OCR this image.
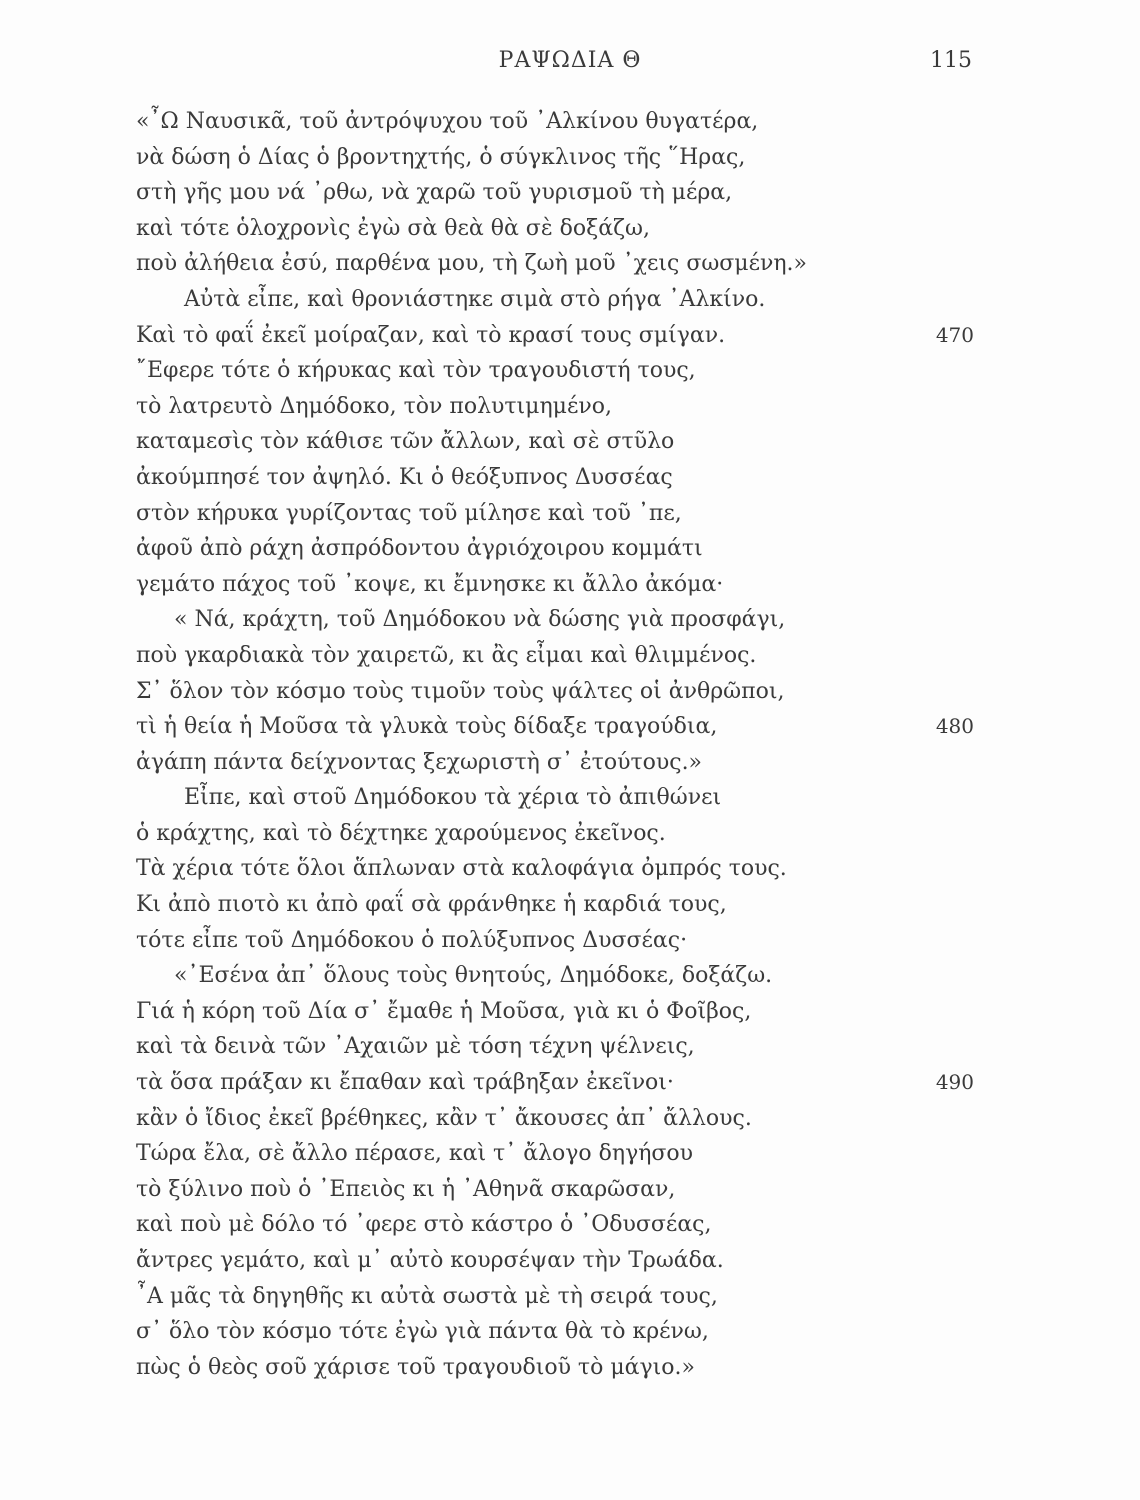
ΡΑΨΩΔΙΑ Θ	115
«῏Ω Ναυσικᾶ, τοῦ ἀντρόψυχου τοῦ ᾿Αλκίνου θυγατέρα,
νὰ δώση ὁ Δίας ὁ βροντηχτής, ὁ σύγκλινος τῆς ῞Ηρας,
στὴ γῆς μου νά ᾿ρθω, νὰ χαρῶ τοῦ γυρισμοῦ τὴ μέρα,
καὶ τότε ὁλοχρονὶς ἐγὼ σὰ θεὰ θὰ σὲ δοξάζω,
ποὺ ἀλήθεια ἐσύ, παρθένα μου, τὴ ζωὴ μοῦ ᾿χεις σωσμένη.»
Αὐτὰ εἶπε, καὶ θρονιάστηκε σιμὰ στὸ ρήγα ᾿Αλκίνο.
Καὶ τὸ φαΐ ἐκεῖ μοίραζαν, καὶ τὸ κρασί τους σμίγαν.	470
῎Εφερε τότε ὁ κήρυκας καὶ τὸν τραγουδιστή τους,
τὸ λατρευτὸ Δημόδοκο, τὸν πολυτιμημένο,
καταμεσὶς τὸν κάθισε τῶν ἄλλων, καὶ σὲ στῦλο
ἀκούμπησέ τον ἀψηλό. Κι ὁ θεόξυπνος Δυσσέας
στὸν κήρυκα γυρίζοντας τοῦ μίλησε καὶ τοῦ ᾿πε,
ἀφοῦ ἀπὸ ράχη ἀσπρόδοντου ἀγριόχοιρου κομμάτι
γεμάτο πάχος τοῦ ᾿κοψε, κι ἔμνησκε κι ἄλλο ἀκόμα·
« Νά, κράχτη, τοῦ Δημόδοκου νὰ δώσης γιὰ προσφάγι,
ποὺ γκαρδιακὰ τὸν χαιρετῶ, κι ἂς εἶμαι καὶ θλιμμένος.
Σ᾿ ὅλον τὸν κόσμο τοὺς τιμοῦν τοὺς ψάλτες οἱ ἀνθρῶποι,
τὶ ἡ θεία ἡ Μοῦσα τὰ γλυκὰ τοὺς δίδαξε τραγούδια,	480
ἀγάπη πάντα δείχνοντας ξεχωριστὴ σ᾿ ἐτούτους.»
Εἶπε, καὶ στοῦ Δημόδοκου τὰ χέρια τὸ ἀπιθώνει
ὁ κράχτης, καὶ τὸ δέχτηκε χαρούμενος ἐκεῖνος.
Τὰ χέρια τότε ὅλοι ἅπλωναν στὰ καλοφάγια ὀμπρός τους.
Κι ἀπὸ πιοτὸ κι ἀπὸ φαΐ σὰ φράνθηκε ἡ καρδιά τους,
τότε εἶπε τοῦ Δημόδοκου ὁ πολύξυπνος Δυσσέας·
«᾿Εσένα ἀπ᾿ ὅλους τοὺς θνητούς, Δημόδοκε, δοξάζω.
Γιά ἡ κόρη τοῦ Δία σ᾿ ἔμαθε ἡ Μοῦσα, γιὰ κι ὁ Φοῖβος,
καὶ τὰ δεινὰ τῶν ᾿Αχαιῶν μὲ τόση τέχνη ψέλνεις,
τὰ ὅσα πράξαν κι ἔπαθαν καὶ τράβηξαν ἐκεῖνοι·	490
κἂν ὁ ἴδιος ἐκεῖ βρέθηκες, κἂν τ᾿ ἄκουσες ἀπ᾿ ἄλλους.
Τώρα ἔλα, σὲ ἄλλο πέρασε, καὶ τ᾿ ἄλογο δηγήσου
τὸ ξύλινο ποὺ ὁ ᾿Επειὸς κι ἡ ᾿Αθηνᾶ σκαρῶσαν,
καὶ ποὺ μὲ δόλο τό ᾿φερε στὸ κάστρο ὁ ᾿Οδυσσέας,
ἄντρες γεμάτο, καὶ μ᾿ αὐτὸ κουρσέψαν τὴν Τρωάδα.
῏Α μᾶς τὰ δηγηθῆς κι αὐτὰ σωστὰ μὲ τὴ σειρά τους,
σ᾿ ὅλο τὸν κόσμο τότε ἐγὼ γιὰ πάντα θὰ τὸ κρένω,
πὼς ὁ θεὸς σοῦ χάρισε τοῦ τραγουδιοῦ τὸ μάγιο.»
